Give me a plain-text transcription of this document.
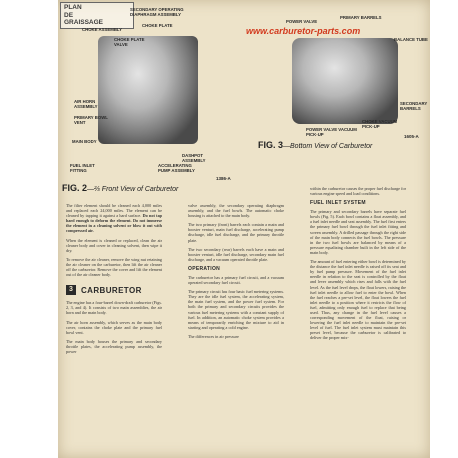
PLAN
DE
GRAISSAGE
SECONDARY OPERATING DIAPHRAGM ASSEMBLY
CHOKE PLATE
CHOKE ASSEMBLY
CHOKE PLATE VALVE
AIR HORN ASSEMBLY
PRIMARY BOWL VENT
MAIN BODY
FUEL INLET FITTING
DASHPOT ASSEMBLY
ACCELERATING PUMP ASSEMBLY
1386-A
FIG. 2—⅔ Front View of Carburetor
www.carburetor-parts.com
PRIMARY BARRELS
POWER VALVE
BALANCE TUBE
SECONDARY BARRELS
POWER VALVE VACUUM PICK-UP
CHOKE VACUUM PICK-UP
1605-A
FIG. 3—Bottom View of Carburetor

The filter element should be cleaned each 4,000 miles and replaced each 24,000 miles. The element can be cleaned by tapping it against a hard surface. Do not tap hard enough to deform the element. Do not immerse the element in a cleaning solvent or blow it out with compressed air.

When the element is cleaned or replaced, clean the air cleaner body and cover in cleaning solvent, then wipe it dry.

To remove the air cleaner, remove the wing nut retaining the air cleaner on the carburetor, then lift the air cleaner off the carburetor. Remove the cover and lift the element out of the air cleaner body.

3	CARBURETOR

The engine has a four-barrel down-draft carburetor (Figs. 2, 3, and 4). It consists of two main assemblies, the air horn and the main body.

The air horn assembly, which serves as the main body cover, contains the choke plate and the primary fuel bowl vent.

The main body houses the primary and secondary throttle plates, the accelerating pump assembly, the power

valve assembly, the secondary operating diaphragm assembly, and the fuel bowls. The automatic choke housing is attached to the main body.

The two primary (front) barrels each contain a main and booster venturi, main fuel discharge, accelerating pump discharge, idle fuel discharge, and the primary throttle plate.

The two secondary (rear) barrels each have a main and booster venturi, idle fuel discharge, secondary main fuel discharge, and a vacuum operated throttle plate.

OPERATION

The carburetor has a primary fuel circuit, and a vacuum operated secondary fuel circuit.

The primary circuit has four basic fuel metering systems. They are the idle fuel system, the accelerating system, the main fuel system, and the power fuel system. For both the primary and secondary circuits provides the various fuel metering systems with a constant supply of fuel. In addition, an automatic choke system provides a means of temporarily enriching the mixture to aid in starting and operating a cold engine.

The differences in air pressure

within the carburetor causes the proper fuel discharge for various engine speed and load conditions.

FUEL INLET SYSTEM

The primary and secondary barrels have separate fuel bowls (Fig. 5). Each bowl contains a float assembly, and a fuel inlet needle and seat assembly. The fuel first enters the primary fuel bowl through the fuel inlet fitting and screen assembly. A drilled passage through the right side of the main body connects the fuel bowls. The pressure in the two fuel bowls are balanced by means of a pressure equalizing chamber built in the left side of the main body.

The amount of fuel entering either bowl is determined by the distance the fuel inlet needle is raised off its seat and by fuel pump pressure. Movement of the fuel inlet needle in relation to the seat is controlled by the float and lever assembly which rises and falls with the fuel level. As the fuel level drops, the float lowers, raising the fuel inlet needle to allow fuel to enter the bowl. When the fuel reaches a pre-set level, the float lowers the fuel inlet needle to a position where it restricts the flow of fuel, admitting only enough fuel to replace that being used. Thus, any change in the fuel level causes a corresponding movement of the float, raising or lowering the fuel inlet needle to maintain the pre-set level of fuel. The fuel inlet system must maintain this preset level, because the carburetor is calibrated to deliver the proper mix-
